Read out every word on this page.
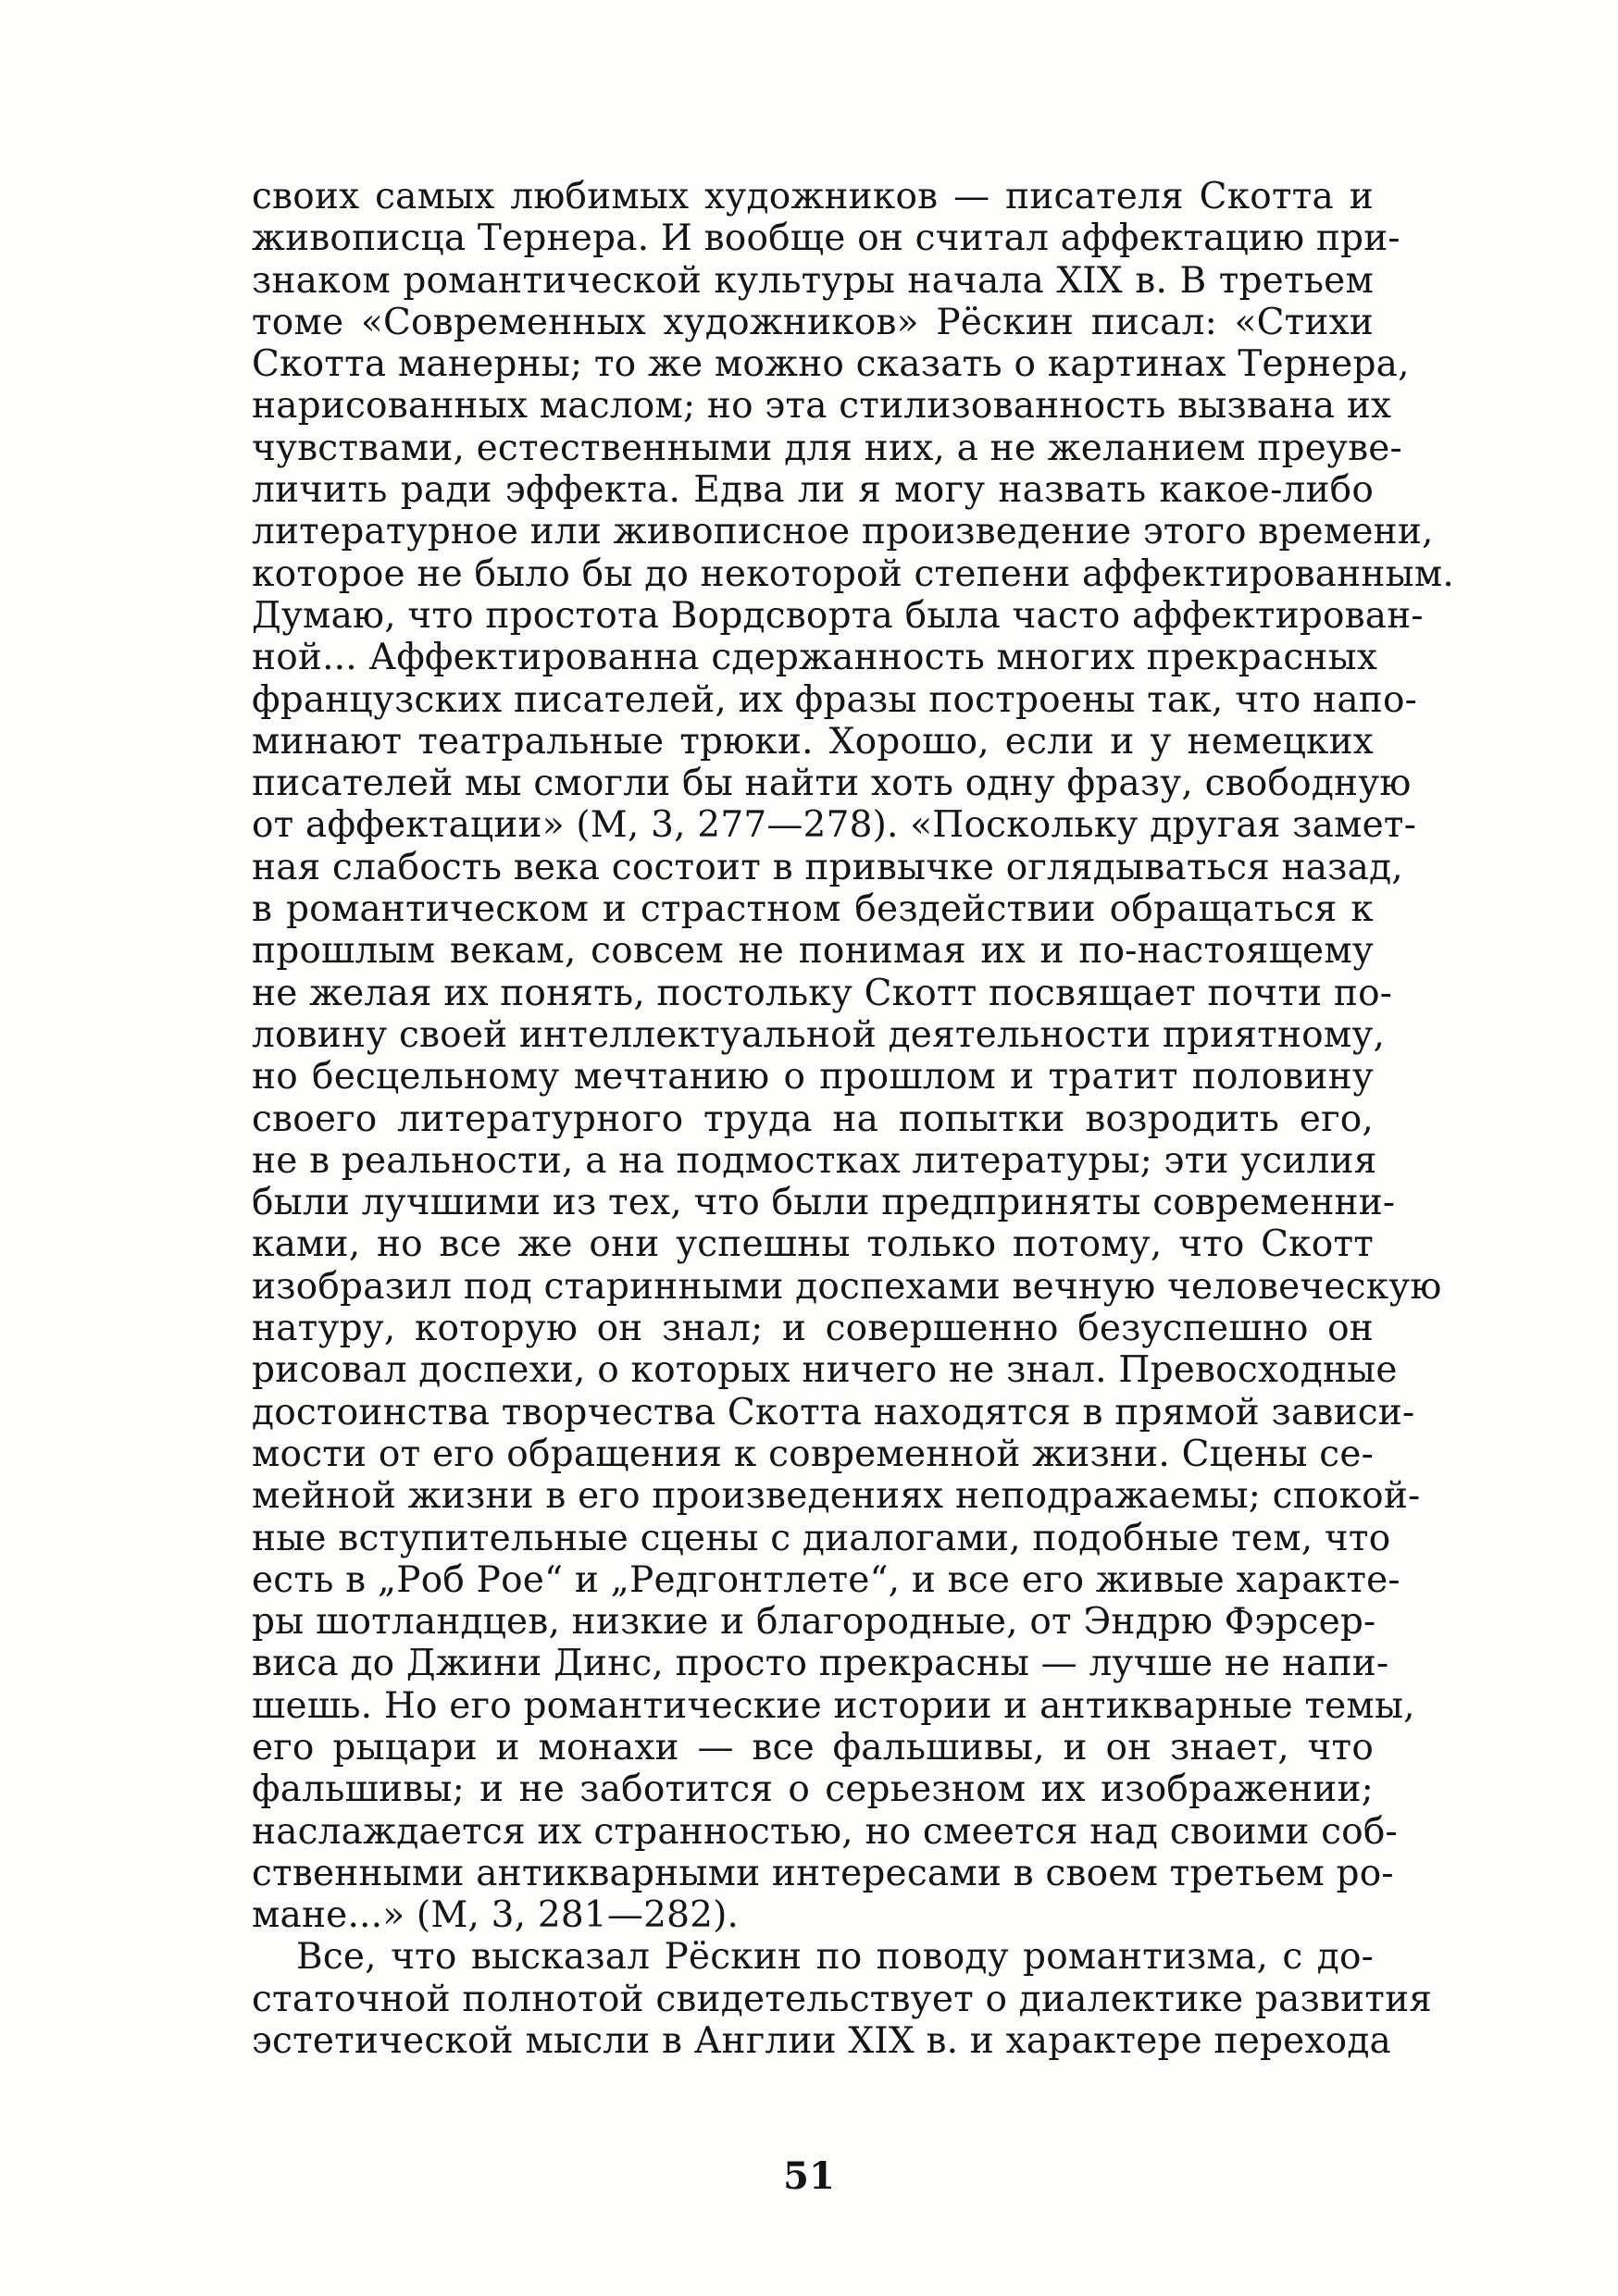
своих самых любимых художников — писателя Скотта и
живописца Тернера. И вообще он считал аффектацию при-
знаком романтической культуры начала XIX в. В третьем
томе «Современных художников» Рёскин писал: «Стихи
Скотта манерны; то же можно сказать о картинах Тернера,
нарисованных маслом; но эта стилизованность вызвана их
чувствами, естественными для них, а не желанием преуве-
личить ради эффекта. Едва ли я могу назвать какое-либо
литературное или живописное произведение этого времени,
которое не было бы до некоторой степени аффектированным.
Думаю, что простота Вордсворта была часто аффектирован-
ной... Аффектированна сдержанность многих прекрасных
французских писателей, их фразы построены так, что напо-
минают театральные трюки. Хорошо, если и у немецких
писателей мы смогли бы найти хоть одну фразу, свободную
от аффектации» (М, 3, 277—278). «Поскольку другая замет-
ная слабость века состоит в привычке оглядываться назад,
в романтическом и страстном бездействии обращаться к
прошлым векам, совсем не понимая их и по-настоящему
не желая их понять, постольку Скотт посвящает почти по-
ловину своей интеллектуальной деятельности приятному,
но бесцельному мечтанию о прошлом и тратит половину
своего литературного труда на попытки возродить его,
не в реальности, а на подмостках литературы; эти усилия
были лучшими из тех, что были предприняты современни-
ками, но все же они успешны только потому, что Скотт
изобразил под старинными доспехами вечную человеческую
натуру, которую он знал; и совершенно безуспешно он
рисовал доспехи, о которых ничего не знал. Превосходные
достоинства творчества Скотта находятся в прямой зависи-
мости от его обращения к современной жизни. Сцены се-
мейной жизни в его произведениях неподражаемы; спокой-
ные вступительные сцены с диалогами, подобные тем, что
есть в „Роб Рое“ и „Редгонтлете“, и все его живые характе-
ры шотландцев, низкие и благородные, от Эндрю Фэрсер-
виса до Джини Динс, просто прекрасны — лучше не напи-
шешь. Но его романтические истории и антикварные темы,
его рыцари и монахи — все фальшивы, и он знает, что
фальшивы; и не заботится о серьезном их изображении;
наслаждается их странностью, но смеется над своими соб-
ственными антикварными интересами в своем третьем ро-
мане...» (М, 3, 281—282).
Все, что высказал Рёскин по поводу романтизма, с до-
статочной полнотой свидетельствует о диалектике развития
эстетической мысли в Англии XIX в. и характере перехода
51
